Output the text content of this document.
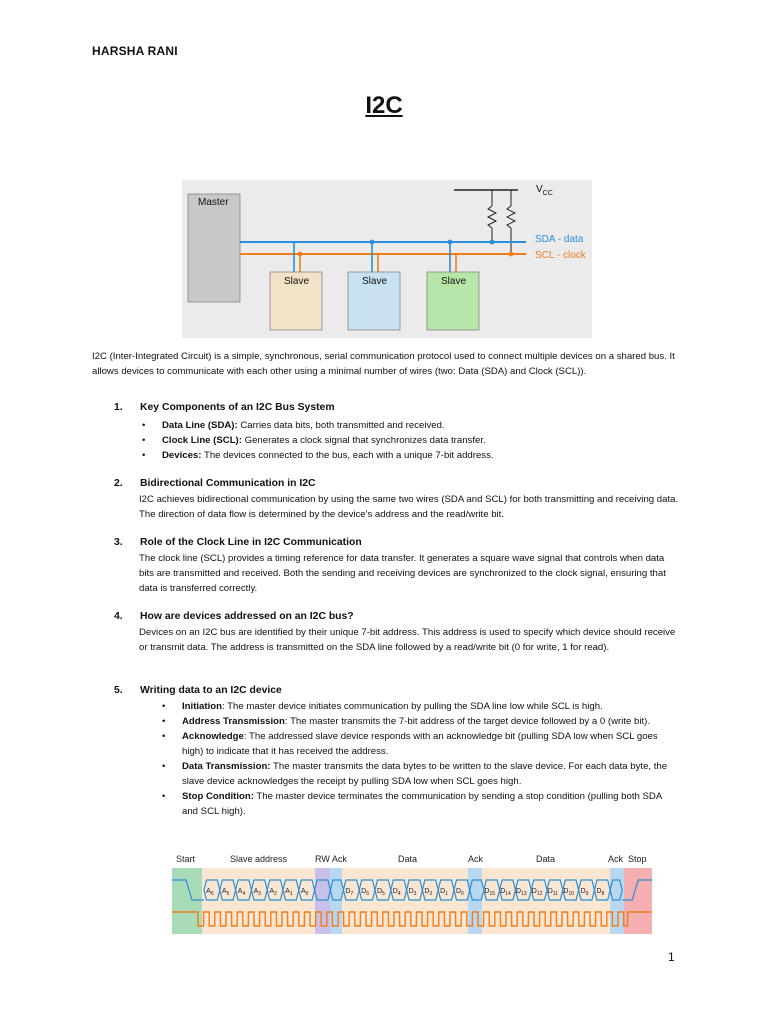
HARSHA RANI
I2C
Master
Slave	Slave	Slave
$V_{CC}$
SDA - data
SCL - clock
I2C (Inter-Integrated Circuit) is a simple, synchronous, serial communication protocol used to connect multiple devices on a shared bus. It allows devices to communicate with each other using a minimal number of wires (two: Data (SDA) and Clock (SCL)).
1. Key Components of an I2C Bus System
• Data Line (SDA): Carries data bits, both transmitted and received.
• Clock Line (SCL): Generates a clock signal that synchronizes data transfer.
• Devices: The devices connected to the bus, each with a unique 7-bit address.
2. Bidirectional Communication in I2C
I2C achieves bidirectional communication by using the same two wires (SDA and SCL) for both transmitting and receiving data. The direction of data flow is determined by the device's address and the read/write bit.
3. Role of the Clock Line in I2C Communication
The clock line (SCL) provides a timing reference for data transfer. It generates a square wave signal that controls when data bits are transmitted and received. Both the sending and receiving devices are synchronized to the clock signal, ensuring that data is transferred correctly.
4. How are devices addressed on an I2C bus?
Devices on an I2C bus are identified by their unique 7-bit address. This address is used to specify which device should receive or transmit data. The address is transmitted on the SDA line followed by a read/write bit (0 for write, 1 for read).
5. Writing data to an I2C device
• Initiation: The master device initiates communication by pulling the SDA line low while SCL is high.
• Address Transmission: The master transmits the 7-bit address of the target device followed by a 0 (write bit).
• Acknowledge: The addressed slave device responds with an acknowledge bit (pulling SDA low when SCL goes high) to indicate that it has received the address.
• Data Transmission: The master transmits the data bytes to be written to the slave device. For each data byte, the slave device acknowledges the receipt by pulling SDA low when SCL goes high.
• Stop Condition: The master device terminates the communication by sending a stop condition (pulling both SDA and SCL high).
$A_6$ $A_5$ $A_4$ $A_3$ $A_2$ $A_1$ $A_0$	$D_7$ $D_6$ $D_5$ $D_4$ $D_3$ $D_2$ $D_1$ $D_0$	$D_{15}$ $D_{14}$ $D_{13}$ $D_{12}$ $D_{11}$ $D_{10}$ $D_9$ $D_8$
Start	Slave address	RW Ack	Data	Ack	Data	Ack  Stop
1
